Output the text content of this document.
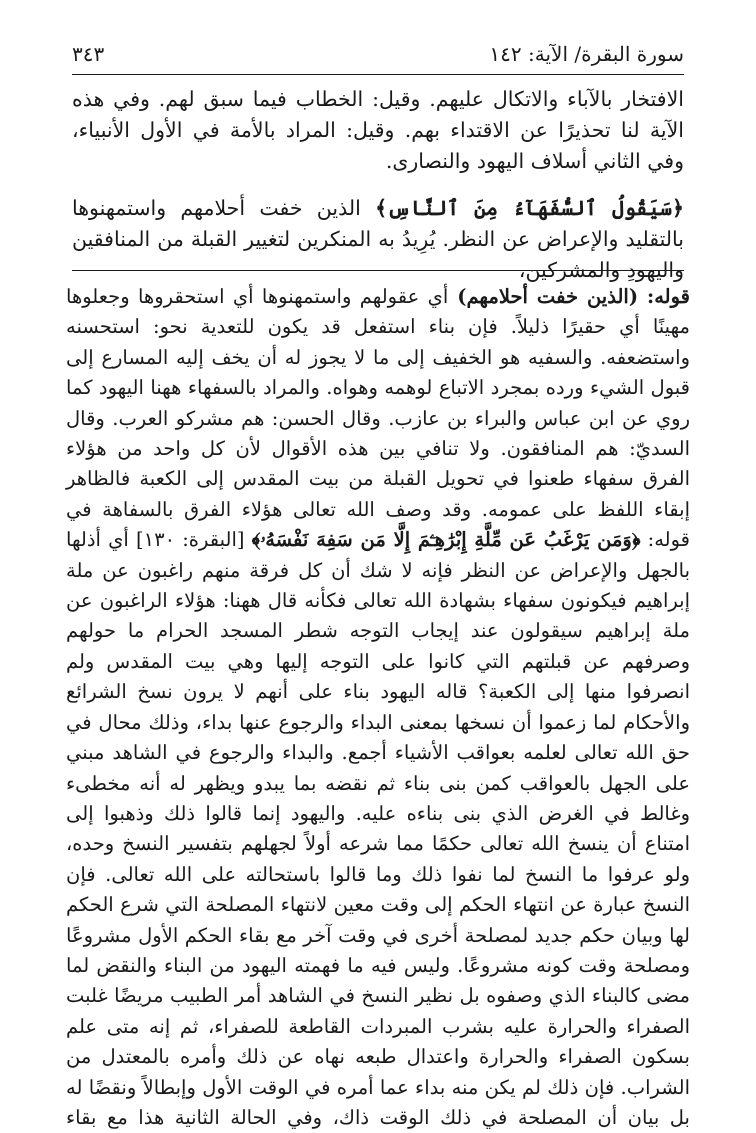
سورة البقرة/ الآية: ١٤٢
٣٤٣

الافتخار بالآباء والاتكال عليهم. وقيل: الخطاب فيما سبق لهم. وفي هذه الآية لنا تحذيرًا عن الاقتداء بهم. وقيل: المراد بالأمة في الأول الأنبياء، وفي الثاني أسلاف اليهود والنصارى.

﴿سَيَقُولُ ٱلسُّفَهَآءُ مِنَ ٱلنَّاسِ﴾ الذين خفت أحلامهم واستمهنوها بالتقليد والإعراض عن النظر. يُرِيدُ به المنكرين لتغيير القبلة من المنافقين واليهودِ والمشركين،

قوله: (الذين خفت أحلامهم) أي عقولهم واستمهنوها أي استحقروها وجعلوها مهينًا أي حقيرًا ذليلاً. فإن بناء استفعل قد يكون للتعدية نحو: استحسنه واستضعفه. والسفيه هو الخفيف إلى ما لا يجوز له أن يخف إليه المسارع إلى قبول الشيء ورده بمجرد الاتباع لوهمه وهواه. والمراد بالسفهاء ههنا اليهود كما روي عن ابن عباس والبراء بن عازب. وقال الحسن: هم مشركو العرب. وقال السديّ: هم المنافقون. ولا تنافي بين هذه الأقوال لأن كل واحد من هؤلاء الفرق سفهاء طعنوا في تحويل القبلة من بيت المقدس إلى الكعبة فالظاهر إبقاء اللفظ على عمومه. وقد وصف الله تعالى هؤلاء الفرق بالسفاهة في قوله: ﴿وَمَن يَرْغَبُ عَن مِّلَّةِ إِبْرَٰهِـۧمَ إِلَّا مَن سَفِهَ نَفْسَهُۥ﴾ [البقرة: ١٣٠] أي أذلها بالجهل والإعراض عن النظر فإنه لا شك أن كل فرقة منهم راغبون عن ملة إبراهيم فيكونون سفهاء بشهادة الله تعالى فكأنه قال ههنا: هؤلاء الراغبون عن ملة إبراهيم سيقولون عند إيجاب التوجه شطر المسجد الحرام ما حولهم وصرفهم عن قبلتهم التي كانوا على التوجه إليها وهي بيت المقدس ولم انصرفوا منها إلى الكعبة؟ قاله اليهود بناء على أنهم لا يرون نسخ الشرائع والأحكام لما زعموا أن نسخها بمعنى البداء والرجوع عنها بداء، وذلك محال في حق الله تعالى لعلمه بعواقب الأشياء أجمع. والبداء والرجوع في الشاهد مبني على الجهل بالعواقب كمن بنى بناء ثم نقضه بما يبدو ويظهر له أنه مخطىء وغالط في الغرض الذي بنى بناءه عليه. واليهود إنما قالوا ذلك وذهبوا إلى امتناع أن ينسخ الله تعالى حكمًا مما شرعه أولاً لجهلهم بتفسير النسخ وحده، ولو عرفوا ما النسخ لما نفوا ذلك وما قالوا باستحالته على الله تعالى. فإن النسخ عبارة عن انتهاء الحكم إلى وقت معين لانتهاء المصلحة التي شرع الحكم لها وبيان حكم جديد لمصلحة أخرى في وقت آخر مع بقاء الحكم الأول مشروعًا ومصلحة وقت كونه مشروعًا. وليس فيه ما فهمته اليهود من البناء والنقض لما مضى كالبناء الذي وصفوه بل نظير النسخ في الشاهد أمر الطبيب مريضًا غلبت الصفراء والحرارة عليه بشرب المبردات القاطعة للصفراء، ثم إنه متى علم بسكون الصفراء والحرارة واعتدال طبعه نهاه عن ذلك وأمره بالمعتدل من الشراب. فإن ذلك لم يكن منه بداء عما أمره في الوقت الأول وإبطالاً ونقضًا له بل بيان أن المصلحة في ذلك الوقت ذاك، وفي الحالة الثانية هذا مع بقاء
